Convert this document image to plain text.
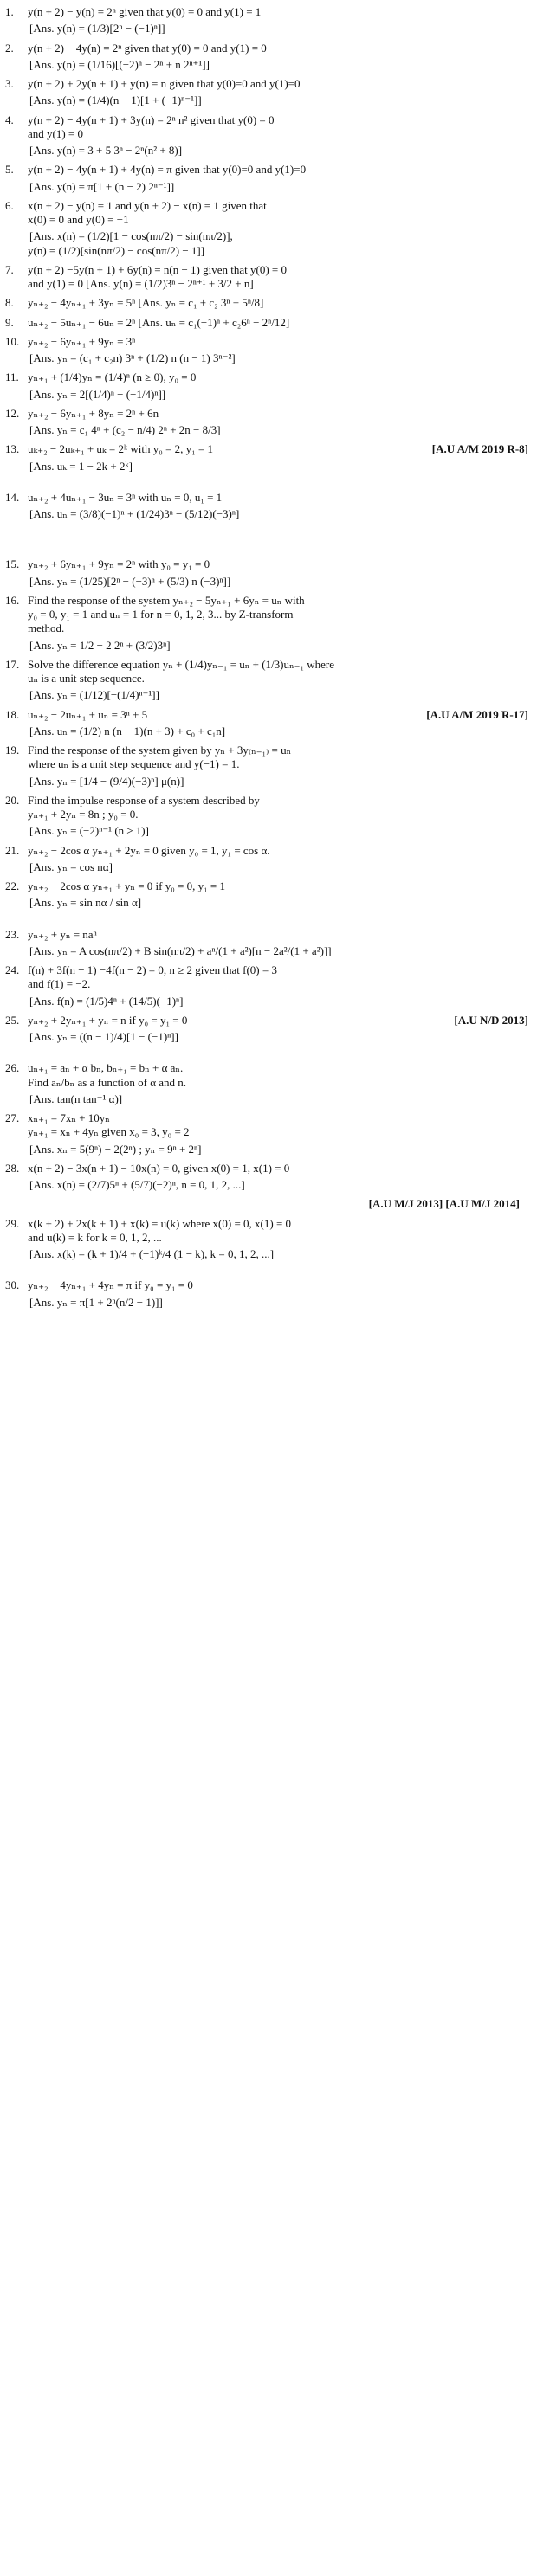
1.	y(n + 2) − y(n) = 2ⁿ given that y(0) = 0 and y(1) = 1
[Ans. y(n) = (1/3)[2ⁿ − (−1)ⁿ]]
2.	y(n + 2) − 4y(n) = 2ⁿ given that y(0) = 0 and y(1) = 0
[Ans. y(n) = (1/16)[(−2)ⁿ − 2ⁿ + n 2ⁿ⁺¹]]
3.	y(n + 2) + 2y(n + 1) + y(n) = n given that y(0)=0 and y(1)=0
[Ans. y(n) = (1/4)(n − 1)[1 + (−1)ⁿ⁻¹]]
4.	y(n + 2) − 4y(n + 1) + 3y(n) = 2ⁿ n² given that y(0) = 0
and y(1) = 0
[Ans. y(n) = 3 + 5 3ⁿ − 2ⁿ(n² + 8)]
5.	y(n + 2) − 4y(n + 1) + 4y(n) = π given that y(0)=0 and y(1)=0
[Ans. y(n) = π[1 + (n − 2) 2ⁿ⁻¹]]
6.	x(n + 2) − y(n) = 1 and y(n + 2) − x(n) = 1 given that
x(0) = 0 and y(0) = −1
[Ans. x(n) = (1/2)[1 − cos(nπ/2) − sin(nπ/2)],
y(n) = (1/2)[sin(nπ/2) − cos(nπ/2) − 1]]
7.	y(n + 2) −5y(n + 1) + 6y(n) = n(n − 1) given that y(0) = 0
and y(1) = 0 [Ans. y(n) = (1/2)3ⁿ − 2ⁿ⁺¹ + 3/2 + n]
8.	yₙ₊₂ − 4yₙ₊₁ + 3yₙ = 5ⁿ [Ans. yₙ = c₁ + c₂ 3ⁿ + 5ⁿ/8]
9.	uₙ₊₂ − 5uₙ₊₁ − 6uₙ = 2ⁿ [Ans. uₙ = c₁(−1)ⁿ + c₂6ⁿ − 2ⁿ/12]
10. yₙ₊₂ − 6yₙ₊₁ + 9yₙ = 3ⁿ
[Ans. yₙ = (c₁ + c₂n) 3ⁿ + (1/2) n (n − 1) 3ⁿ⁻²]
11. yₙ₊₁ + (1/4)yₙ = (1/4)ⁿ (n ≥ 0), y₀ = 0
[Ans. yₙ = 2[(1/4)ⁿ − (−1/4)ⁿ]]
12. yₙ₊₂ − 6yₙ₊₁ + 8yₙ = 2ⁿ + 6n
[Ans. yₙ = c₁ 4ⁿ + (c₂ − n/4) 2ⁿ + 2n − 8/3]
13.	[A.U A/M 2019 R-8]
uₖ₊₂ − 2uₖ₊₁ + uₖ = 2ᵏ with y₀ = 2, y₁ = 1
[Ans. uₖ = 1 − 2k + 2ᵏ]
14. uₙ₊₂ + 4uₙ₊₁ − 3uₙ = 3ⁿ with uₙ = 0, u₁ = 1
[Ans. uₙ = (3/8)(−1)ⁿ + (1/24)3ⁿ − (5/12)(−3)ⁿ]
15. yₙ₊₂ + 6yₙ₊₁ + 9yₙ = 2ⁿ with y₀ = y₁ = 0
[Ans. yₙ = (1/25)[2ⁿ − (−3)ⁿ + (5/3) n (−3)ⁿ]]
16. Find the response of the system yₙ₊₂ − 5yₙ₊₁ + 6yₙ = uₙ with
y₀ = 0, y₁ = 1 and uₙ = 1 for n = 0, 1, 2, 3... by Z-transform
method.
[Ans. yₙ = 1/2 − 2 2ⁿ + (3/2)3ⁿ]
17. Solve the difference equation yₙ + (1/4)yₙ₋₁ = uₙ + (1/3)uₙ₋₁ where
uₙ is a unit step sequence.
[Ans. yₙ = (1/12)[−(1/4)ⁿ⁻¹]]
18.	[A.U A/M 2019 R-17]
uₙ₊₂ − 2uₙ₊₁ + uₙ = 3ⁿ + 5
[Ans. uₙ = (1/2) n (n − 1)(n + 3) + c₀ + c₁n]
19. Find the response of the system given by yₙ + 3y₍ₙ₋₁₎ = uₙ
where uₙ is a unit step sequence and y(−1) = 1.
[Ans. yₙ = [1/4 − (9/4)(−3)ⁿ] μ(n)]
20. Find the impulse response of a system described by
yₙ₊₁ + 2yₙ = 8n ; y₀ = 0.
[Ans. yₙ = (−2)ⁿ⁻¹ (n ≥ 1)]
21. yₙ₊₂ − 2cos α yₙ₊₁ + 2yₙ = 0 given y₀ = 1, y₁ = cos α.
[Ans. yₙ = cos nα]
22. yₙ₊₂ − 2cos α yₙ₊₁ + yₙ = 0 if y₀ = 0, y₁ = 1
[Ans. yₙ = sin nα / sin α]
23. yₙ₊₂ + yₙ = naⁿ
[Ans. yₙ = A cos(nπ/2) + B sin(nπ/2) + aⁿ/(1 + a²)[n − 2a²/(1 + a²)]]
24. f(n) + 3f(n − 1) −4f(n − 2) = 0, n ≥ 2 given that f(0) = 3
and f(1) = −2.
[Ans. f(n) = (1/5)4ⁿ + (14/5)(−1)ⁿ]
25.	[A.U N/D 2013]
yₙ₊₂ + 2yₙ₊₁ + yₙ = n if y₀ = y₁ = 0
[Ans. yₙ = ((n − 1)/4)[1 − (−1)ⁿ]]
26. uₙ₊₁ = aₙ + α bₙ, bₙ₊₁ = bₙ + α aₙ.
Find aₙ/bₙ as a function of α and n.
[Ans. tan(n tan⁻¹ α)]
27. xₙ₊₁ = 7xₙ + 10yₙ
yₙ₊₁ = xₙ + 4yₙ given x₀ = 3, y₀ = 2
[Ans. xₙ = 5(9ⁿ) − 2(2ⁿ) ; yₙ = 9ⁿ + 2ⁿ]
28. x(n + 2) − 3x(n + 1) − 10x(n) = 0, given x(0) = 1, x(1) = 0
[Ans. x(n) = (2/7)5ⁿ + (5/7)(−2)ⁿ, n = 0, 1, 2, ...]
[A.U M/J 2013] [A.U M/J 2014]
29. x(k + 2) + 2x(k + 1) + x(k) = u(k) where x(0) = 0, x(1) = 0
and u(k) = k for k = 0, 1, 2, ...
[Ans. x(k) = (k + 1)/4 + (−1)ᵏ/4 (1 − k), k = 0, 1, 2, ...]
30. yₙ₊₂ − 4yₙ₊₁ + 4yₙ = π if y₀ = y₁ = 0
[Ans. yₙ = π[1 + 2ⁿ(n/2 − 1)]]
